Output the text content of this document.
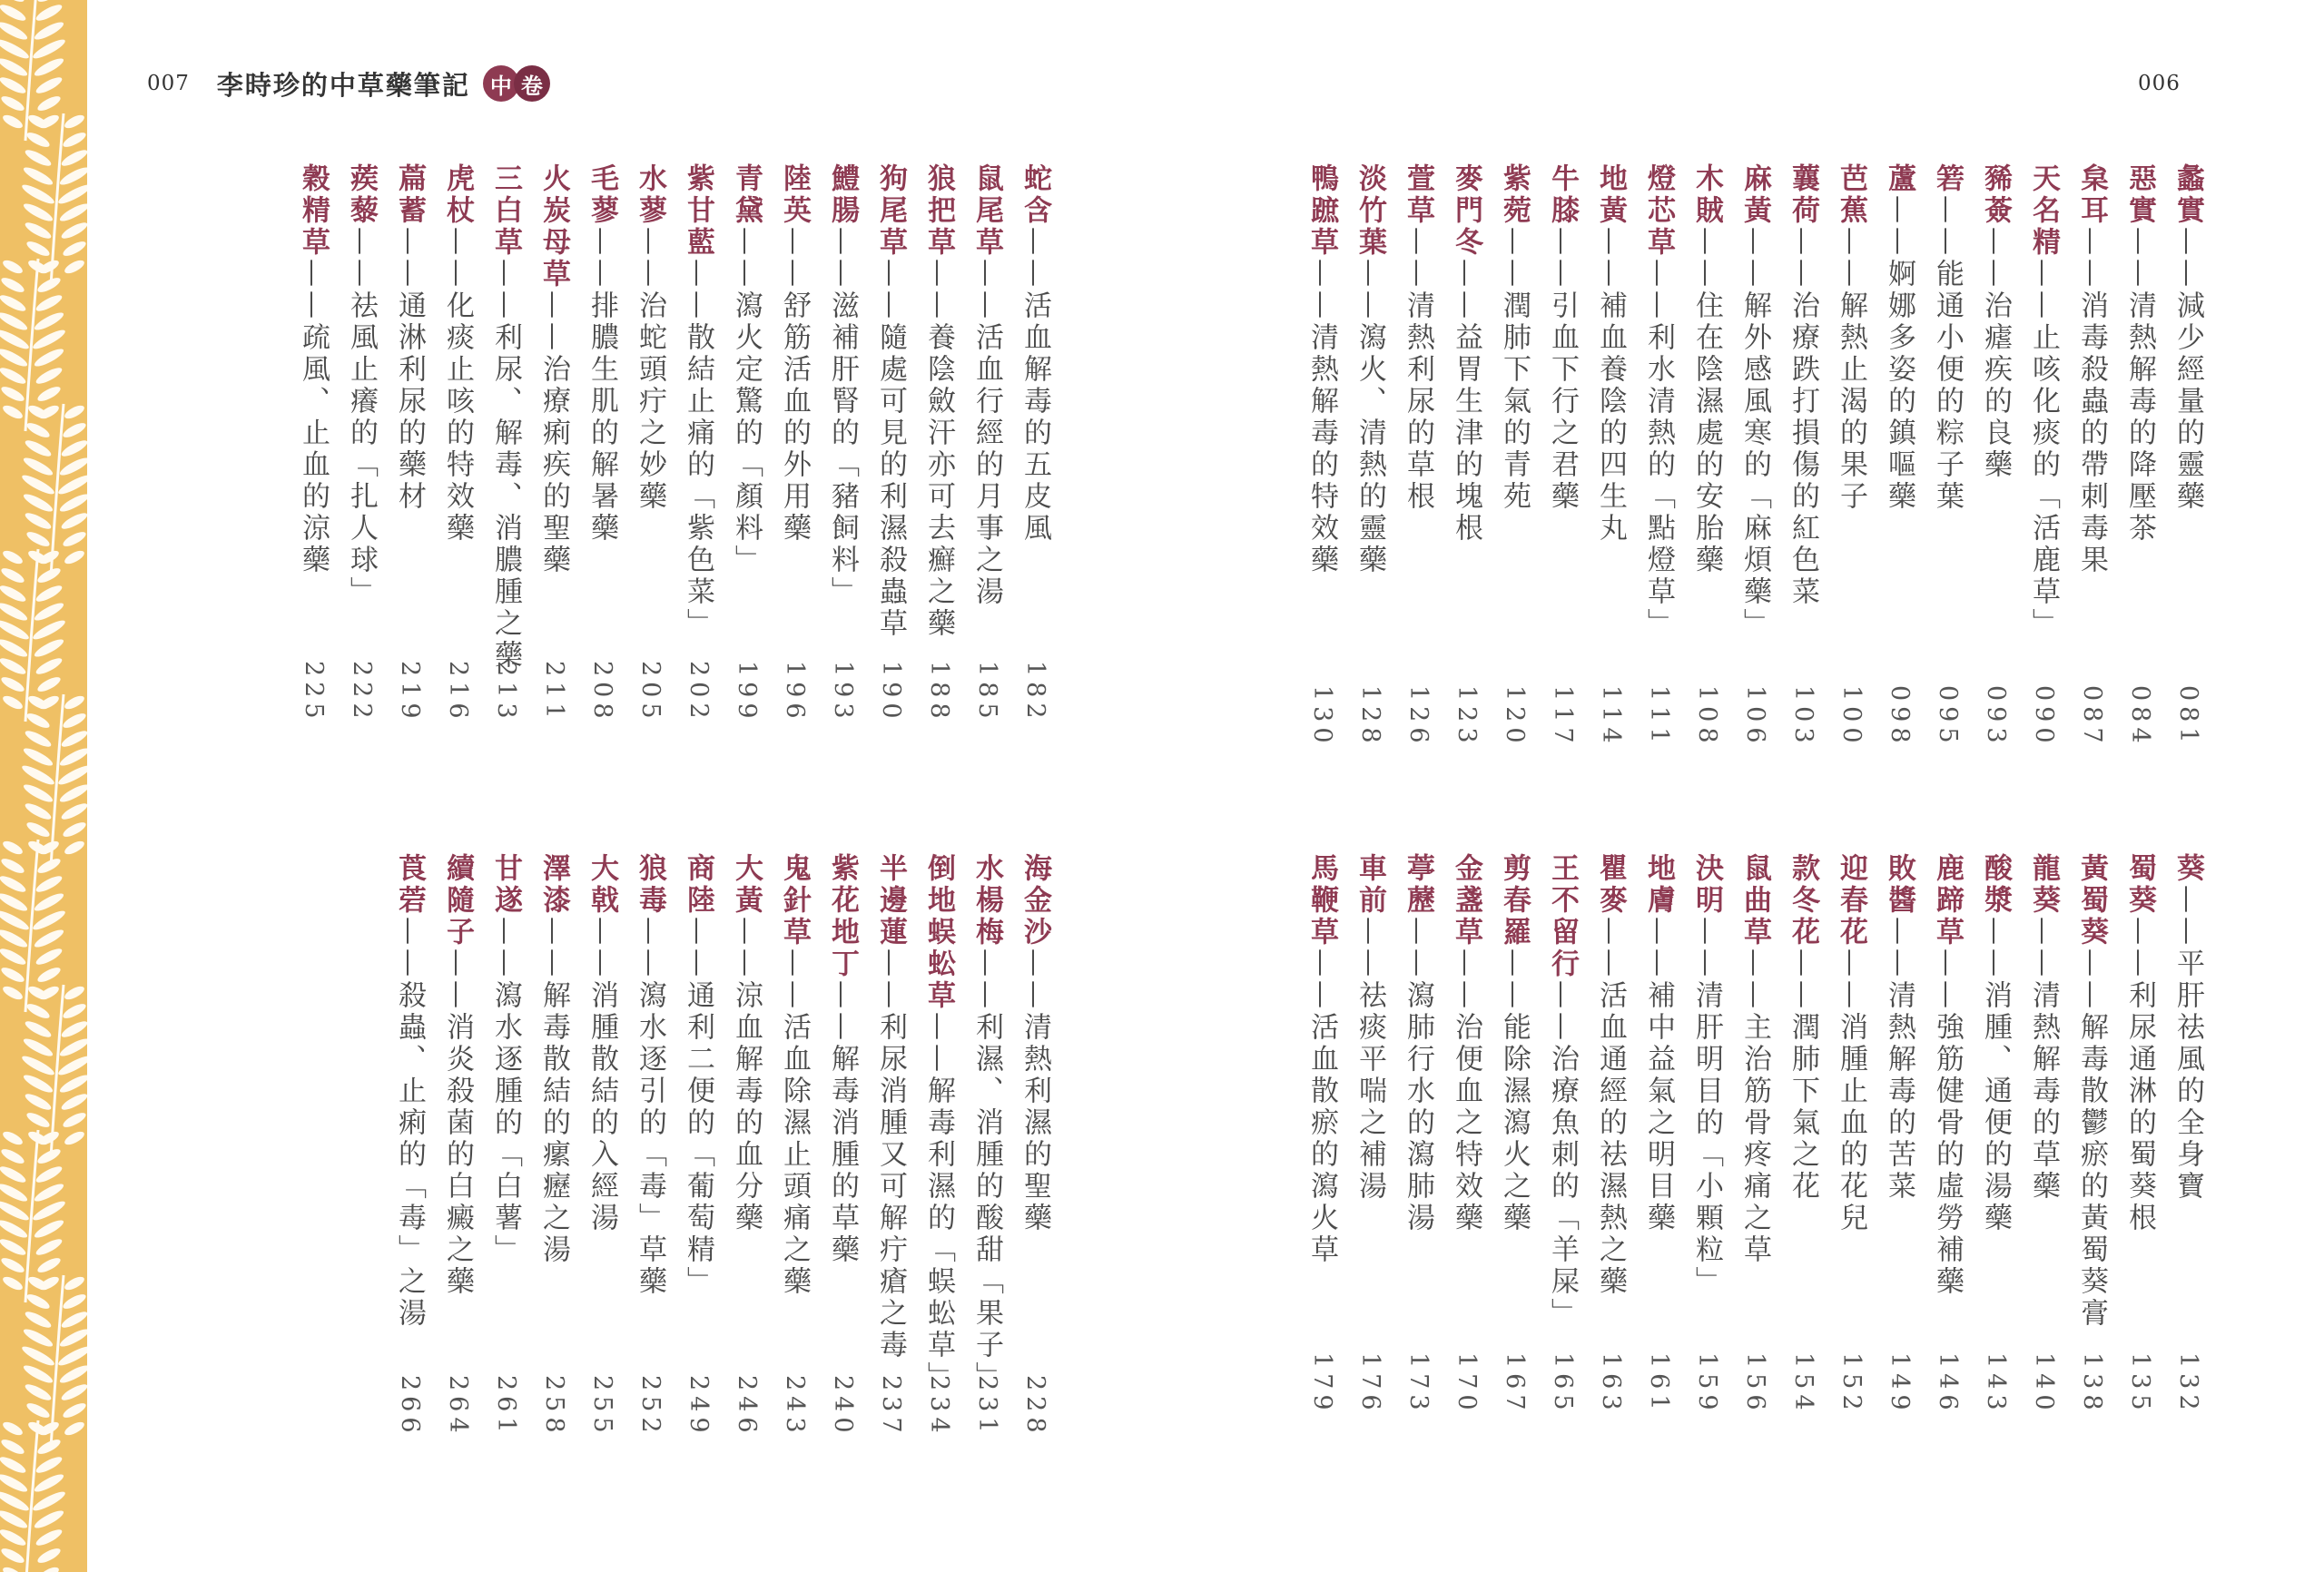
007 李時珍的中草藥筆記 中 卷	006
蠡實——減少經量的靈藥
081
惡實——清熱解毒的降壓茶
084
枲耳——消毒殺蟲的帶刺毒果
087
天名精——止咳化痰的「活鹿草」
090
豨薟——治瘧疾的良藥
093
箬——能通小便的粽子葉
095
蘆——婀娜多姿的鎮嘔藥
098
芭蕉——解熱止渴的果子
100
蘘荷——治療跌打損傷的紅色菜
103
麻黃——解外感風寒的「麻煩藥」
106
木賊——住在陰濕處的安胎藥
108
燈芯草——利水清熱的「點燈草」
111
地黃——補血養陰的四生丸
114
牛膝——引血下行之君藥
117
紫菀——潤肺下氣的青苑
120
麥門冬——益胃生津的塊根
123
萱草——清熱利尿的草根
126
淡竹葉——瀉火、清熱的靈藥
128
鴨蹠草——清熱解毒的特效藥
130
葵——平肝祛風的全身寶
132
蜀葵——利尿通淋的蜀葵根
135
黃蜀葵——解毒散鬱瘀的黃蜀葵膏
138
龍葵——清熱解毒的草藥
140
酸漿——消腫、通便的湯藥
143
鹿蹄草——強筋健骨的虛勞補藥
146
敗醬——清熱解毒的苦菜
149
迎春花——消腫止血的花兒
152
款冬花——潤肺下氣之花
154
鼠曲草——主治筋骨疼痛之草
156
決明——清肝明目的「小顆粒」
159
地膚——補中益氣之明目藥
161
瞿麥——活血通經的祛濕熱之藥
163
王不留行——治療魚刺的「羊屎」
165
剪春羅——能除濕瀉火之藥
167
金盞草——治便血之特效藥
170
葶藶——瀉肺行水的瀉肺湯
173
車前——祛痰平喘之補湯
176
馬鞭草——活血散瘀的瀉火草
179
蛇含——活血解毒的五皮風
182
鼠尾草——活血行經的月事之湯
185
狼把草——養陰斂汗亦可去癬之藥
188
狗尾草——隨處可見的利濕殺蟲草
190
鱧腸——滋補肝腎的「豬飼料」
193
陸英——舒筋活血的外用藥
196
青黛——瀉火定驚的「顏料」
199
紫甘藍——散結止痛的「紫色菜」
202
水蓼——治蛇頭疔之妙藥
205
毛蓼——排膿生肌的解暑藥
208
火炭母草——治療痢疾的聖藥
211
三白草——利尿、解毒、消膿腫之藥
213
虎杖——化痰止咳的特效藥
216
萹蓄——通淋利尿的藥材
219
蒺藜——祛風止癢的「扎人球」
222
穀精草——疏風、止血的涼藥
225
海金沙——清熱利濕的聖藥
228
水楊梅——利濕、消腫的酸甜「果子」
231
倒地蜈蚣草——解毒利濕的「蜈蚣草」
234
半邊蓮——利尿消腫又可解疔瘡之毒
237
紫花地丁——解毒消腫的草藥
240
鬼針草——活血除濕止頭痛之藥
243
大黃——涼血解毒的血分藥
246
商陸——通利二便的「葡萄精」
249
狼毒——瀉水逐引的「毒」草藥
252
大戟——消腫散結的入經湯
255
澤漆——解毒散結的瘰癧之湯
258
甘遂——瀉水逐腫的「白薯」
261
續隨子——消炎殺菌的白癜之藥
264
莨菪——殺蟲、止痢的「毒」之湯
266
